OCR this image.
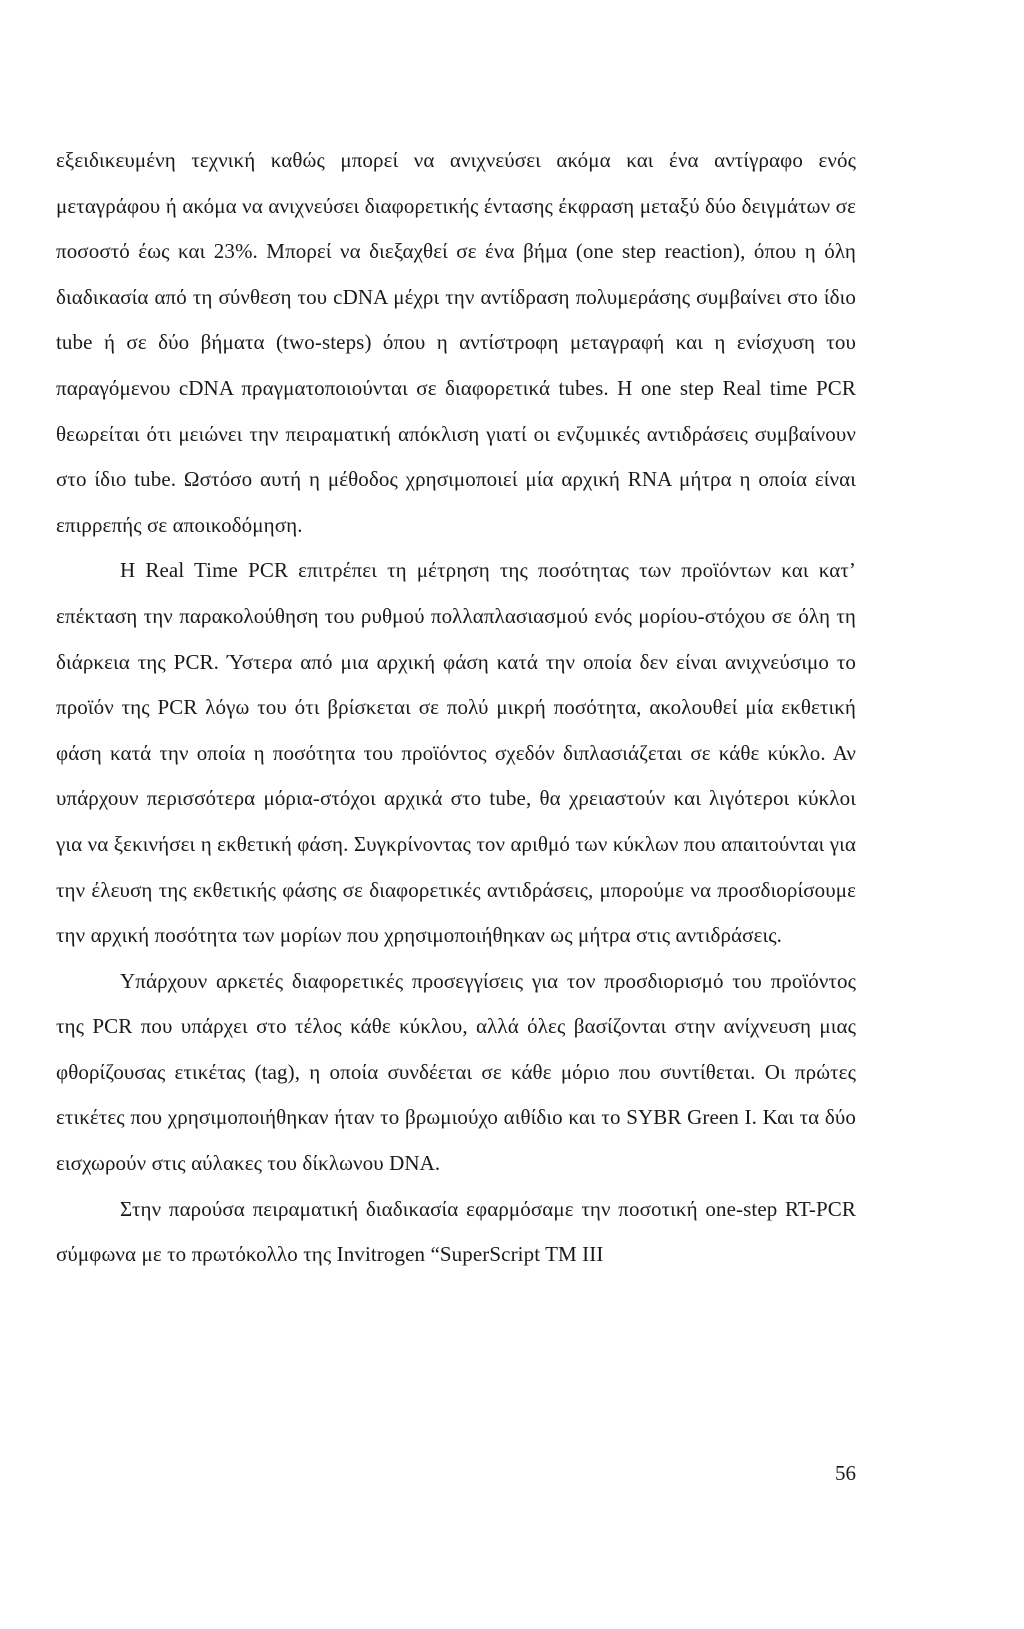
εξειδικευμένη τεχνική καθώς μπορεί να ανιχνεύσει ακόμα και ένα αντίγραφο ενός μεταγράφου ή ακόμα να ανιχνεύσει διαφορετικής έντασης έκφραση μεταξύ δύο δειγμάτων σε ποσοστό έως και 23%. Μπορεί να διεξαχθεί σε ένα βήμα (one step reaction), όπου η όλη διαδικασία από τη σύνθεση του cDNA μέχρι την αντίδραση πολυμεράσης συμβαίνει στο ίδιο tube ή σε δύο βήματα (two-steps) όπου η αντίστροφη μεταγραφή και η ενίσχυση του παραγόμενου cDNA πραγματοποιούνται σε διαφορετικά tubes. H one step Real time PCR θεωρείται ότι μειώνει την πειραματική απόκλιση γιατί οι ενζυμικές αντιδράσεις συμβαίνουν στο ίδιο tube. Ωστόσο αυτή η μέθοδος χρησιμοποιεί μία αρχική RNA μήτρα η οποία είναι επιρρεπής σε αποικοδόμηση.

H Real Time PCR επιτρέπει τη μέτρηση της ποσότητας των προϊόντων και κατ’ επέκταση την παρακολούθηση του ρυθμού πολλαπλασιασμού ενός μορίου-στόχου σε όλη τη διάρκεια της PCR. Ύστερα από μια αρχική φάση κατά την οποία δεν είναι ανιχνεύσιμο το προϊόν της PCR λόγω του ότι βρίσκεται σε πολύ μικρή ποσότητα, ακολουθεί μία εκθετική φάση κατά την οποία η ποσότητα του προϊόντος σχεδόν διπλασιάζεται σε κάθε κύκλο. Αν υπάρχουν περισσότερα μόρια-στόχοι αρχικά στο tube, θα χρειαστούν και λιγότεροι κύκλοι για να ξεκινήσει η εκθετική φάση. Συγκρίνοντας τον αριθμό των κύκλων που απαιτούνται για την έλευση της εκθετικής φάσης σε διαφορετικές αντιδράσεις, μπορούμε να προσδιορίσουμε την αρχική ποσότητα των μορίων που χρησιμοποιήθηκαν ως μήτρα στις αντιδράσεις.

Υπάρχουν αρκετές διαφορετικές προσεγγίσεις για τον προσδιορισμό του προϊόντος της PCR που υπάρχει στο τέλος κάθε κύκλου, αλλά όλες βασίζονται στην ανίχνευση μιας φθορίζουσας ετικέτας (tag), η οποία συνδέεται σε κάθε μόριο που συντίθεται. Οι πρώτες ετικέτες που χρησιμοποιήθηκαν ήταν το βρωμιούχο αιθίδιο και το SYBR Green I. Και τα δύο εισχωρούν στις αύλακες του δίκλωνου DNA.

Στην παρούσα πειραματική διαδικασία εφαρμόσαμε την ποσοτική one-step RT-PCR σύμφωνα με το πρωτόκολλο της Invitrogen “SuperScript TM III

56
